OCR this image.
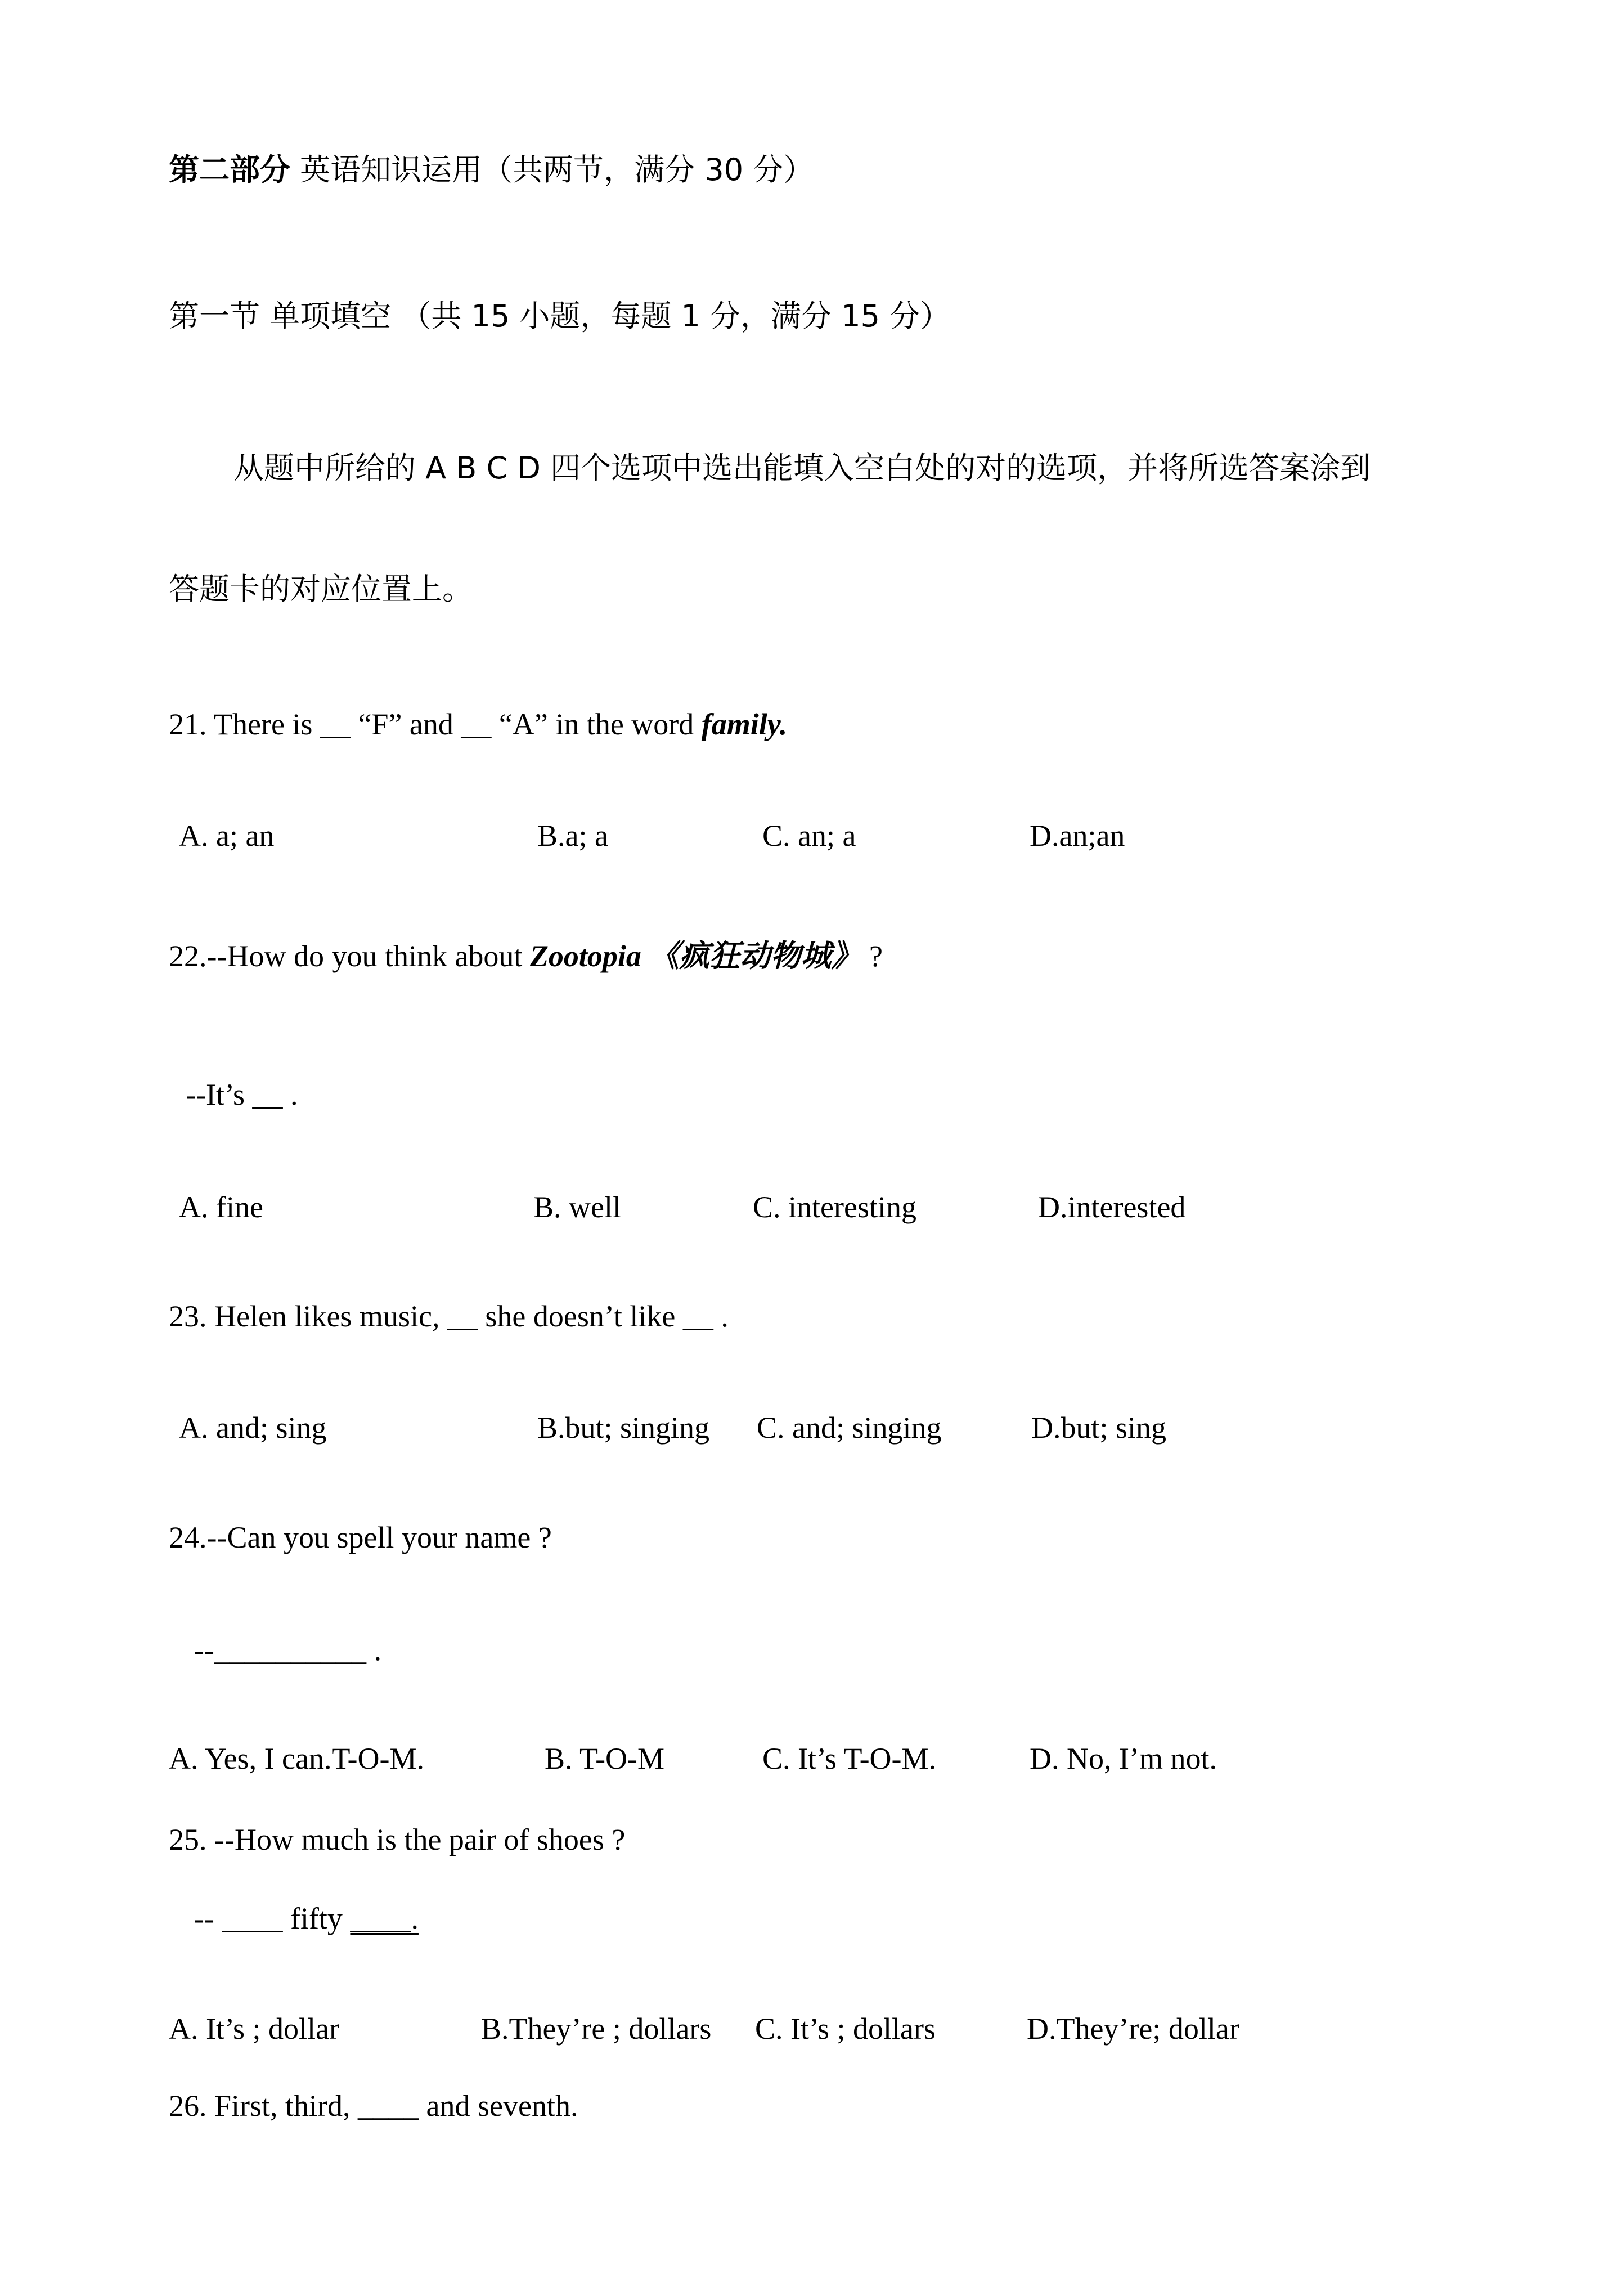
第二部分 英语知识运用（共两节，满分 30 分）
第一节 单项填空 （共 15 小题，每题 1 分，满分 15 分）
从题中所给的 A B C D 四个选项中选出能填入空白处的对的选项，并将所选答案涂到
答题卡的对应位置上。
21. There is __ “F” and __ “A” in the word family.
A. a; an	B.a; a	C. an; a	D.an;an
22.--How do you think about Zootopia 《疯狂动物城》 ?
--It’s __ .
A. fine	B. well	C. interesting	D.interested
23. Helen likes music, __ she doesn’t like __ .
A. and; sing	B.but; singing C. and; singing	D.but; sing
24.--Can you spell your name ?
--__________ .
A. Yes, I can.T-O-M.	B. T-O-M	C. It’s T-O-M.	D. No, I’m not.
25. --How much is the pair of shoes ?
-- ____ fifty ____.
A. It’s ; dollar	B.They’re ; dollars C. It’s ; dollars	D.They’re; dollar
26. First, third, ____ and seventh.
